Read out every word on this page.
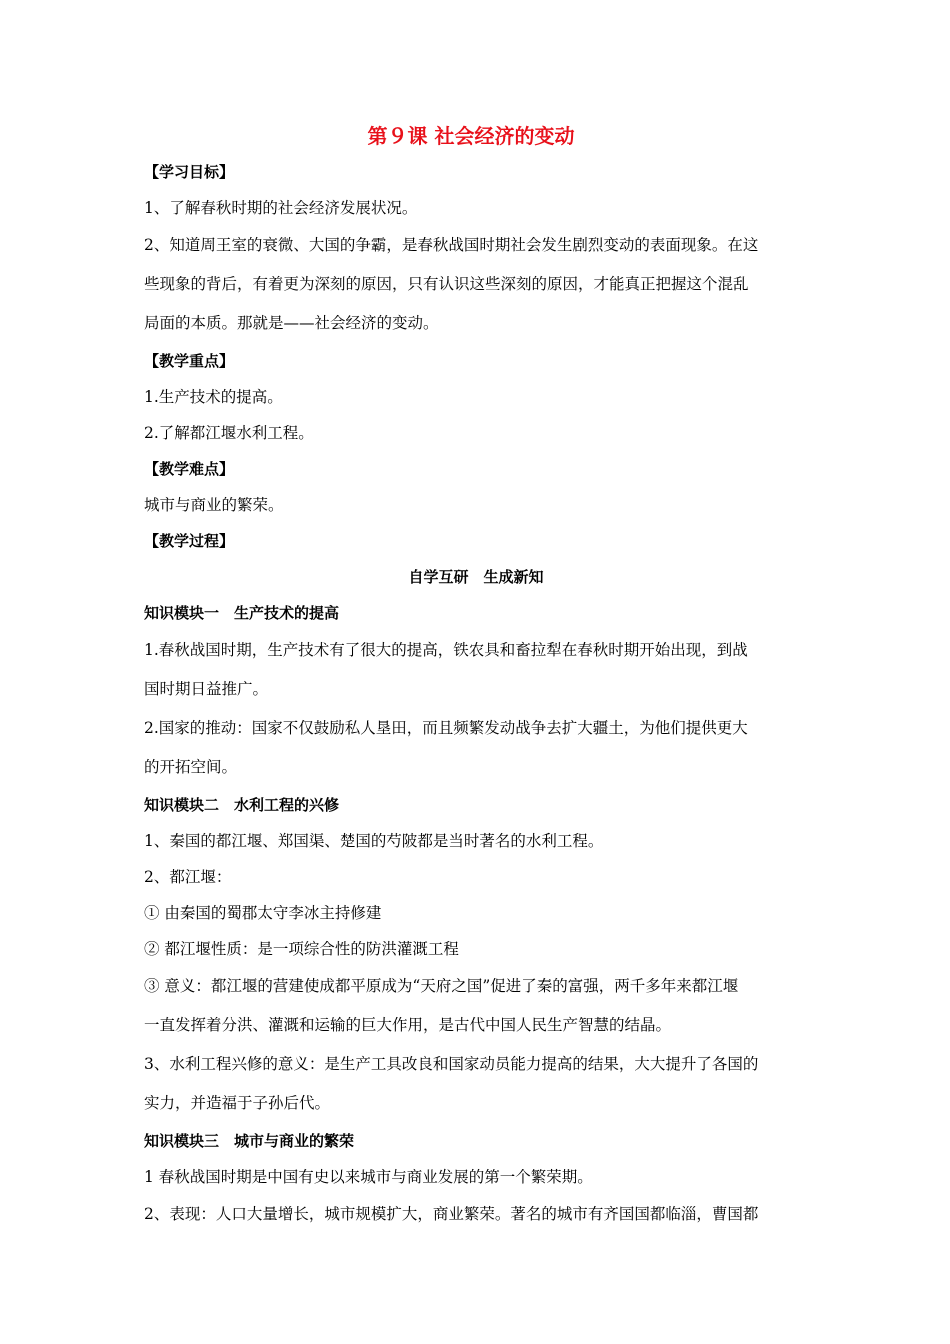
第９课 社会经济的变动
【学习目标】
1、了解春秋时期的社会经济发展状况。
2、知道周王室的衰微、大国的争霸，是春秋战国时期社会发生剧烈变动的表面现象。在这
些现象的背后，有着更为深刻的原因，只有认识这些深刻的原因，才能真正把握这个混乱
局面的本质。那就是——社会经济的变动。
【教学重点】
1.生产技术的提高。
2.了解都江堰水利工程。
【教学难点】
城市与商业的繁荣。
【教学过程】
自学互研　生成新知
知识模块一　生产技术的提高
1.春秋战国时期，生产技术有了很大的提高，铁农具和畜拉犁在春秋时期开始出现，到战
国时期日益推广。
2.国家的推动：国家不仅鼓励私人垦田，而且频繁发动战争去扩大疆土，为他们提供更大
的开拓空间。
知识模块二　水利工程的兴修
1、秦国的都江堰、郑国渠、楚国的芍陂都是当时著名的水利工程。
2、都江堰：
① 由秦国的蜀郡太守李冰主持修建
② 都江堰性质：是一项综合性的防洪灌溉工程
③ 意义：都江堰的营建使成都平原成为“天府之国”促进了秦的富强，两千多年来都江堰
一直发挥着分洪、灌溉和运输的巨大作用，是古代中国人民生产智慧的结晶。
3、水利工程兴修的意义：是生产工具改良和国家动员能力提高的结果，大大提升了各国的
实力，并造福于子孙后代。
知识模块三　城市与商业的繁荣
1 春秋战国时期是中国有史以来城市与商业发展的第一个繁荣期。
2、表现：人口大量增长，城市规模扩大，商业繁荣。著名的城市有齐国国都临淄，曹国都
